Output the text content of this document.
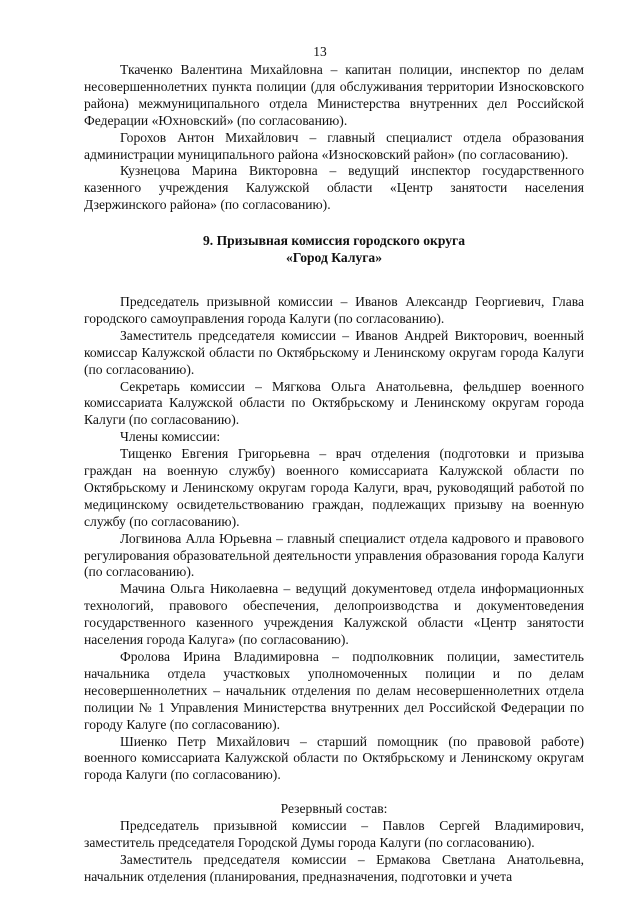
13

Ткаченко Валентина Михайловна – капитан полиции, инспектор по делам несовершеннолетних пункта полиции (для обслуживания территории Износковского района) межмуниципального отдела Министерства внутренних дел Российской Федерации «Юхновский» (по согласованию).

Горохов Антон Михайлович – главный специалист отдела образования администрации муниципального района «Износковский район» (по согласованию).

Кузнецова Марина Викторовна – ведущий инспектор государственного казенного учреждения Калужской области «Центр занятости населения Дзержинского района» (по согласованию).

9. Призывная комиссия городского округа
«Город Калуга»

Председатель призывной комиссии – Иванов Александр Георгиевич, Глава городского самоуправления города Калуги (по согласованию).

Заместитель председателя комиссии – Иванов Андрей Викторович, военный комиссар Калужской области по Октябрьскому и Ленинскому округам города Калуги (по согласованию).

Секретарь комиссии – Мягкова Ольга Анатольевна, фельдшер военного комиссариата Калужской области по Октябрьскому и Ленинскому округам города Калуги (по согласованию).

Члены комиссии:

Тищенко Евгения Григорьевна – врач отделения (подготовки и призыва граждан на военную службу) военного комиссариата Калужской области по Октябрьскому и Ленинскому округам города Калуги, врач, руководящий работой по медицинскому освидетельствованию граждан, подлежащих призыву на военную службу (по согласованию).

Логвинова Алла Юрьевна – главный специалист отдела кадрового и правового регулирования образовательной деятельности управления образования города Калуги (по согласованию).

Мачина Ольга Николаевна – ведущий документовед отдела информационных технологий, правового обеспечения, делопроизводства и документоведения государственного казенного учреждения Калужской области «Центр занятости населения города Калуга» (по согласованию).

Фролова Ирина Владимировна – подполковник полиции, заместитель начальника отдела участковых уполномоченных полиции и по делам несовершеннолетних – начальник отделения по делам несовершеннолетних отдела полиции № 1 Управления Министерства внутренних дел Российской Федерации по городу Калуге (по согласованию).

Шиенко Петр Михайлович – старший помощник (по правовой работе) военного комиссариата Калужской области по Октябрьскому и Ленинскому округам города Калуги (по согласованию).

Резервный состав:

Председатель призывной комиссии – Павлов Сергей Владимирович, заместитель председателя Городской Думы города Калуги (по согласованию).

Заместитель председателя комиссии – Ермакова Светлана Анатольевна, начальник отделения (планирования, предназначения, подготовки и учета
